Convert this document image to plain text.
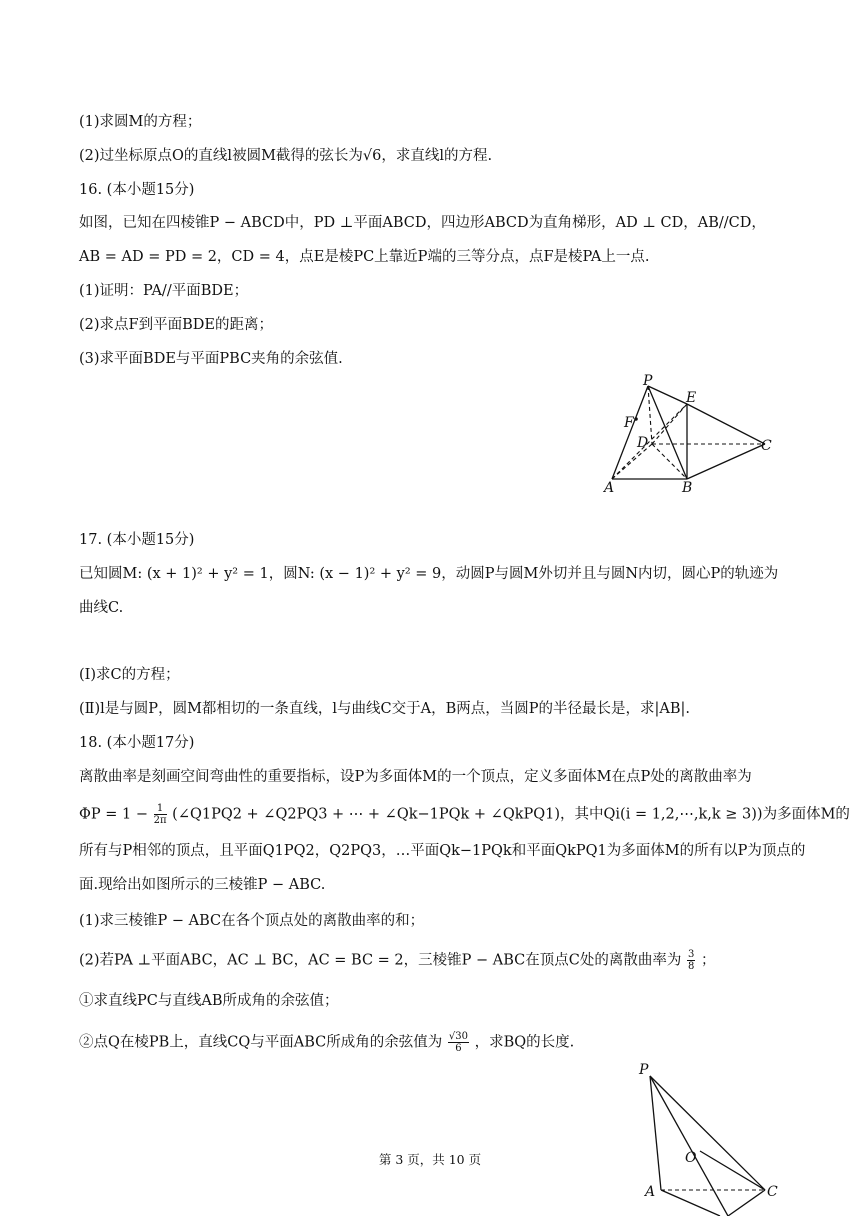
(1)求圆M的方程；
(2)过坐标原点O的直线l被圆M截得的弦长为√6，求直线l的方程.
16. (本小题15分)
如图，已知在四棱锥P − ABCD中，PD ⊥平面ABCD，四边形ABCD为直角梯形，AD ⊥ CD，AB//CD，
AB = AD = PD = 2，CD = 4，点E是棱PC上靠近P端的三等分点，点F是棱PA上一点.
(1)证明：PA//平面BDE；
(2)求点F到平面BDE的距离；
(3)求平面BDE与平面PBC夹角的余弦值.
P
E
F
D	C
A	B
17. (本小题15分)
已知圆M: (x + 1)² + y² = 1，圆N: (x − 1)² + y² = 9，动圆P与圆M外切并且与圆N内切，圆心P的轨迹为
曲线C.
(Ⅰ)求C的方程；
(Ⅱ)l是与圆P，圆M都相切的一条直线，l与曲线C交于A，B两点，当圆P的半径最长是，求|AB|.
18. (本小题17分)
离散曲率是刻画空间弯曲性的重要指标，设P为多面体M的一个顶点，定义多面体M在点P处的离散曲率为
$\Phi P = 1 - \frac{1}{2\pi}$ (∠Q1PQ2 + ∠Q2PQ3 + ⋯ + ∠Qk−1PQk + ∠QkPQ1)，其中Qi(i = 1,2,⋯,k,k ≥ 3))为多面体M的
所有与P相邻的顶点，且平面Q1PQ2，Q2PQ3，…平面Qk−1PQk和平面QkPQ1为多面体M的所有以P为顶点的
面.现给出如图所示的三棱锥P − ABC.
(1)求三棱锥P − ABC在各个顶点处的离散曲率的和；
(2)若PA ⊥平面ABC，AC ⊥ BC，AC = BC = 2，三棱锥P − ABC在顶点C处的离散曲率为 $\frac{3}{8}$ ；
①求直线PC与直线AB所成角的余弦值；
②点Q在棱PB上，直线CQ与平面ABC所成角的余弦值为 $\frac{√30}{6}$ ，求BQ的长度.
P
O
A	C
第 3 页，共 10 页
